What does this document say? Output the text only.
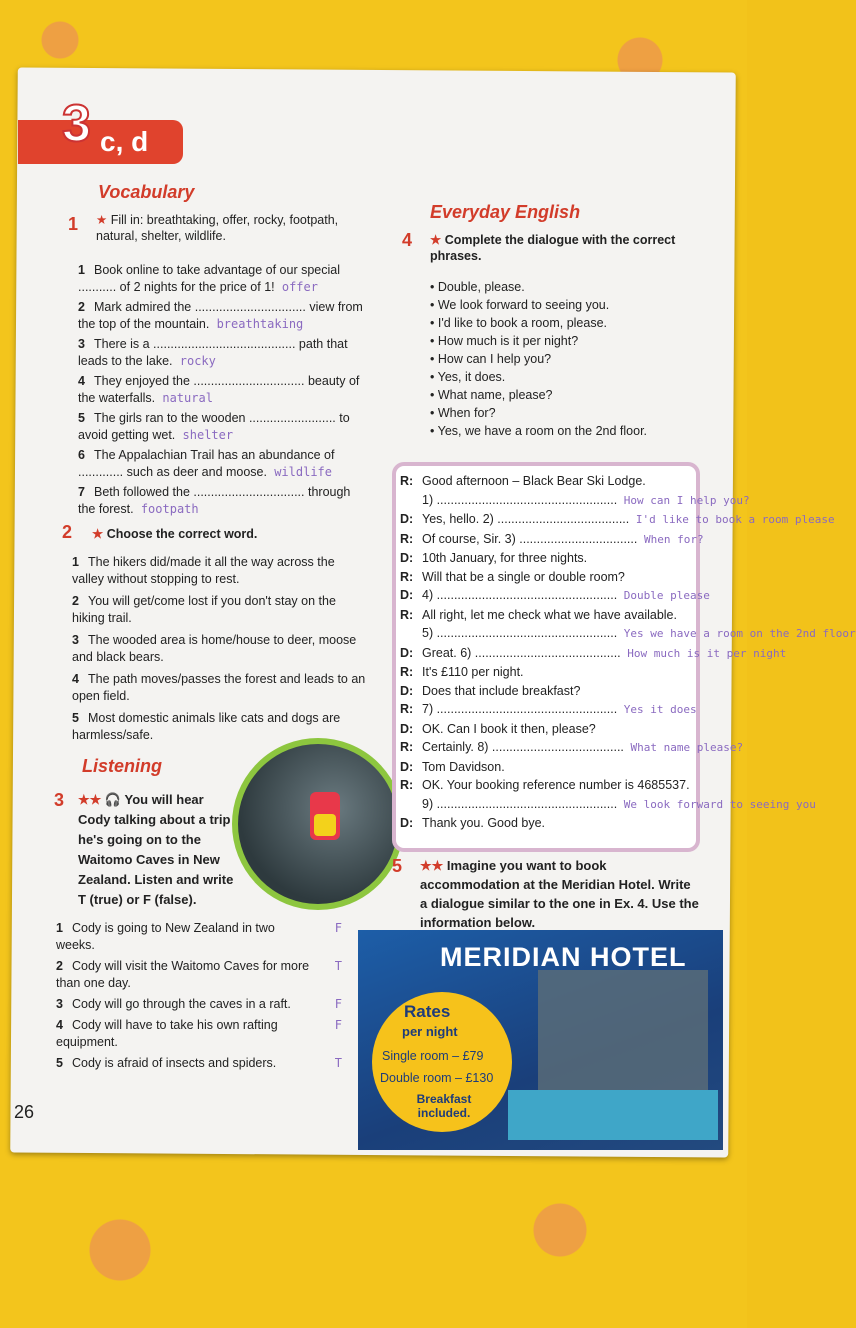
3 c, d
Vocabulary
1 ★ Fill in: breathtaking, offer, rocky, footpath, natural, shelter, wildlife.
1 Book online to take advantage of our special ........... of 2 nights for the price of 1! offer
2 Mark admired the ................................ view from the top of the mountain. breathtaking
3 There is a ......................................... path that leads to the lake. rocky
4 They enjoyed the ................................ beauty of the waterfalls. natural
5 The girls ran to the wooden ......................... to avoid getting wet. shelter
6 The Appalachian Trail has an abundance of ............. such as deer and moose. wildlife
7 Beth followed the ................................ through the forest. footpath
2 ★ Choose the correct word.
1 The hikers did/made it all the way across the valley without stopping to rest.
2 You will get/come lost if you don't stay on the hiking trail.
3 The wooded area is home/house to deer, moose and black bears.
4 The path moves/passes the forest and leads to an open field.
5 Most domestic animals like cats and dogs are harmless/safe.
Listening
3 ★★ 🎧 You will hear Cody talking about a trip he's going on to the Waitomo Caves in New Zealand. Listen and write T (true) or F (false).
1 Cody is going to New Zealand in two weeks.
F
2 Cody will visit the Waitomo Caves for more than one day.
T
3 Cody will go through the caves in a raft.	F
4 Cody will have to take his own rafting equipment.
F
5 Cody is afraid of insects and spiders.	T
Everyday English
4 ★ Complete the dialogue with the correct phrases.
• Double, please.
• We look forward to seeing you.
• I'd like to book a room, please.
• How much is it per night?
• How can I help you?
• Yes, it does.
• What name, please?
• When for?
• Yes, we have a room on the 2nd floor.
R: Good afternoon – Black Bear Ski Lodge.
1) .................................................... How can I help you?
D: Yes, hello. 2) ...................................... I'd like to book a room please
R: Of course, Sir. 3) .................................. When for?
D: 10th January, for three nights.
R: Will that be a single or double room?
D: 4) .................................................... Double please
R: All right, let me check what we have available.
5) .................................................... Yes we have a room on the 2nd floor
D: Great. 6) .......................................... How much is it per night
R: It's £110 per night.
D: Does that include breakfast?
R: 7) .................................................... Yes it does
D: OK. Can I book it then, please?
R: Certainly. 8) ...................................... What name please?
D: Tom Davidson.
R: OK. Your booking reference number is 4685537.
9) .................................................... We look forward to seeing you
D: Thank you. Good bye.
5 ★★ Imagine you want to book accommodation at the Meridian Hotel. Write a dialogue similar to the one in Ex. 4. Use the information below.
MERIDIAN HOTEL
Rates
per night
Single room – £79
Double room – £130
Breakfast included.
26
